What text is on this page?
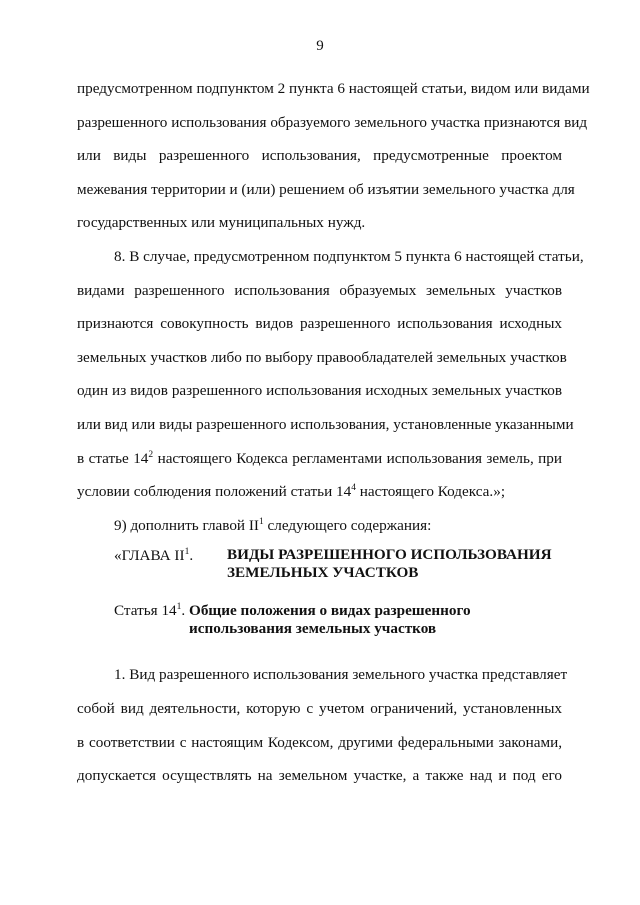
9
предусмотренном подпунктом 2 пункта 6 настоящей статьи, видом или видами
разрешенного использования образуемого земельного участка признаются вид
или виды разрешенного использования, предусмотренные проектом
межевания территории и (или) решением об изъятии земельного участка для
государственных или муниципальных нужд.
8. В случае, предусмотренном подпунктом 5 пункта 6 настоящей статьи,
видами разрешенного использования образуемых земельных участков
признаются совокупность видов разрешенного использования исходных
земельных участков либо по выбору правообладателей земельных участков
один из видов разрешенного использования исходных земельных участков
или вид или виды разрешенного использования, установленные указанными
в статье $14^2$ настоящего Кодекса регламентами использования земель, при
условии соблюдения положений статьи $14^4$ настоящего Кодекса.»;
9) дополнить главой $II^1$ следующего содержания:
«ГЛАВА $II^1$.	ВИДЫ РАЗРЕШЕННОГО ИСПОЛЬЗОВАНИЯ ЗЕМЕЛЬНЫХ УЧАСТКОВ
Статья $14^1$. Общие положения о видах разрешенного использования земельных участков
1. Вид разрешенного использования земельного участка представляет
собой вид деятельности, которую с учетом ограничений, установленных
в соответствии с настоящим Кодексом, другими федеральными законами,
допускается осуществлять на земельном участке, а также над и под его
